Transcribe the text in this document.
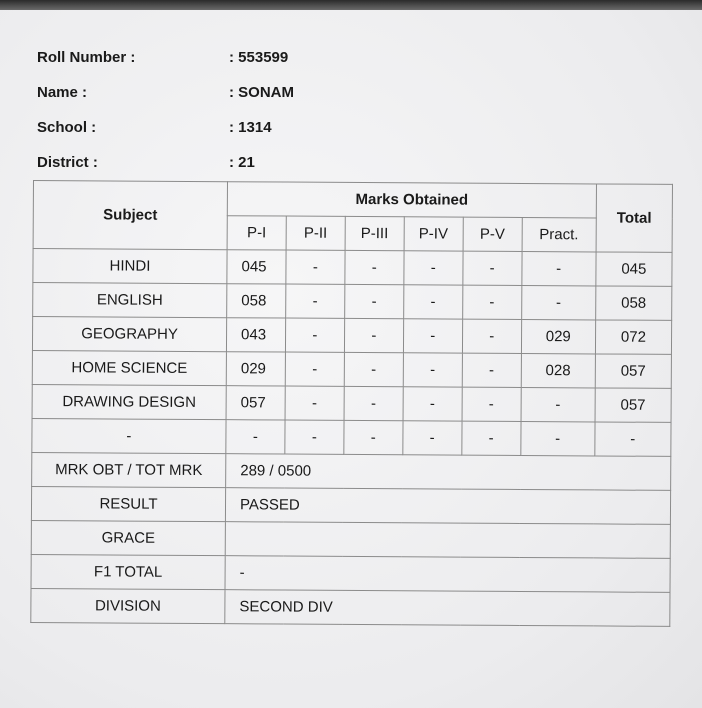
Roll Number :	: 553599
Name :	: SONAM
School :	: 1314
District :	: 21
Subject	Marks Obtained						Total
	P-I	P-II	P-III	P-IV	P-V	Pract.	
HINDI	045	-	-	-	-	-	045
ENGLISH	058	-	-	-	-	-	058
GEOGRAPHY	043	-	-	-	-	029	072
HOME SCIENCE	029	-	-	-	-	028	057
DRAWING DESIGN	057	-	-	-	-	-	057
-	-	-	-	-	-	-	-
MRK OBT / TOT MRK	289 / 0500						
RESULT	PASSED						
GRACE							
F1 TOTAL	-						
DIVISION	SECOND DIV						
